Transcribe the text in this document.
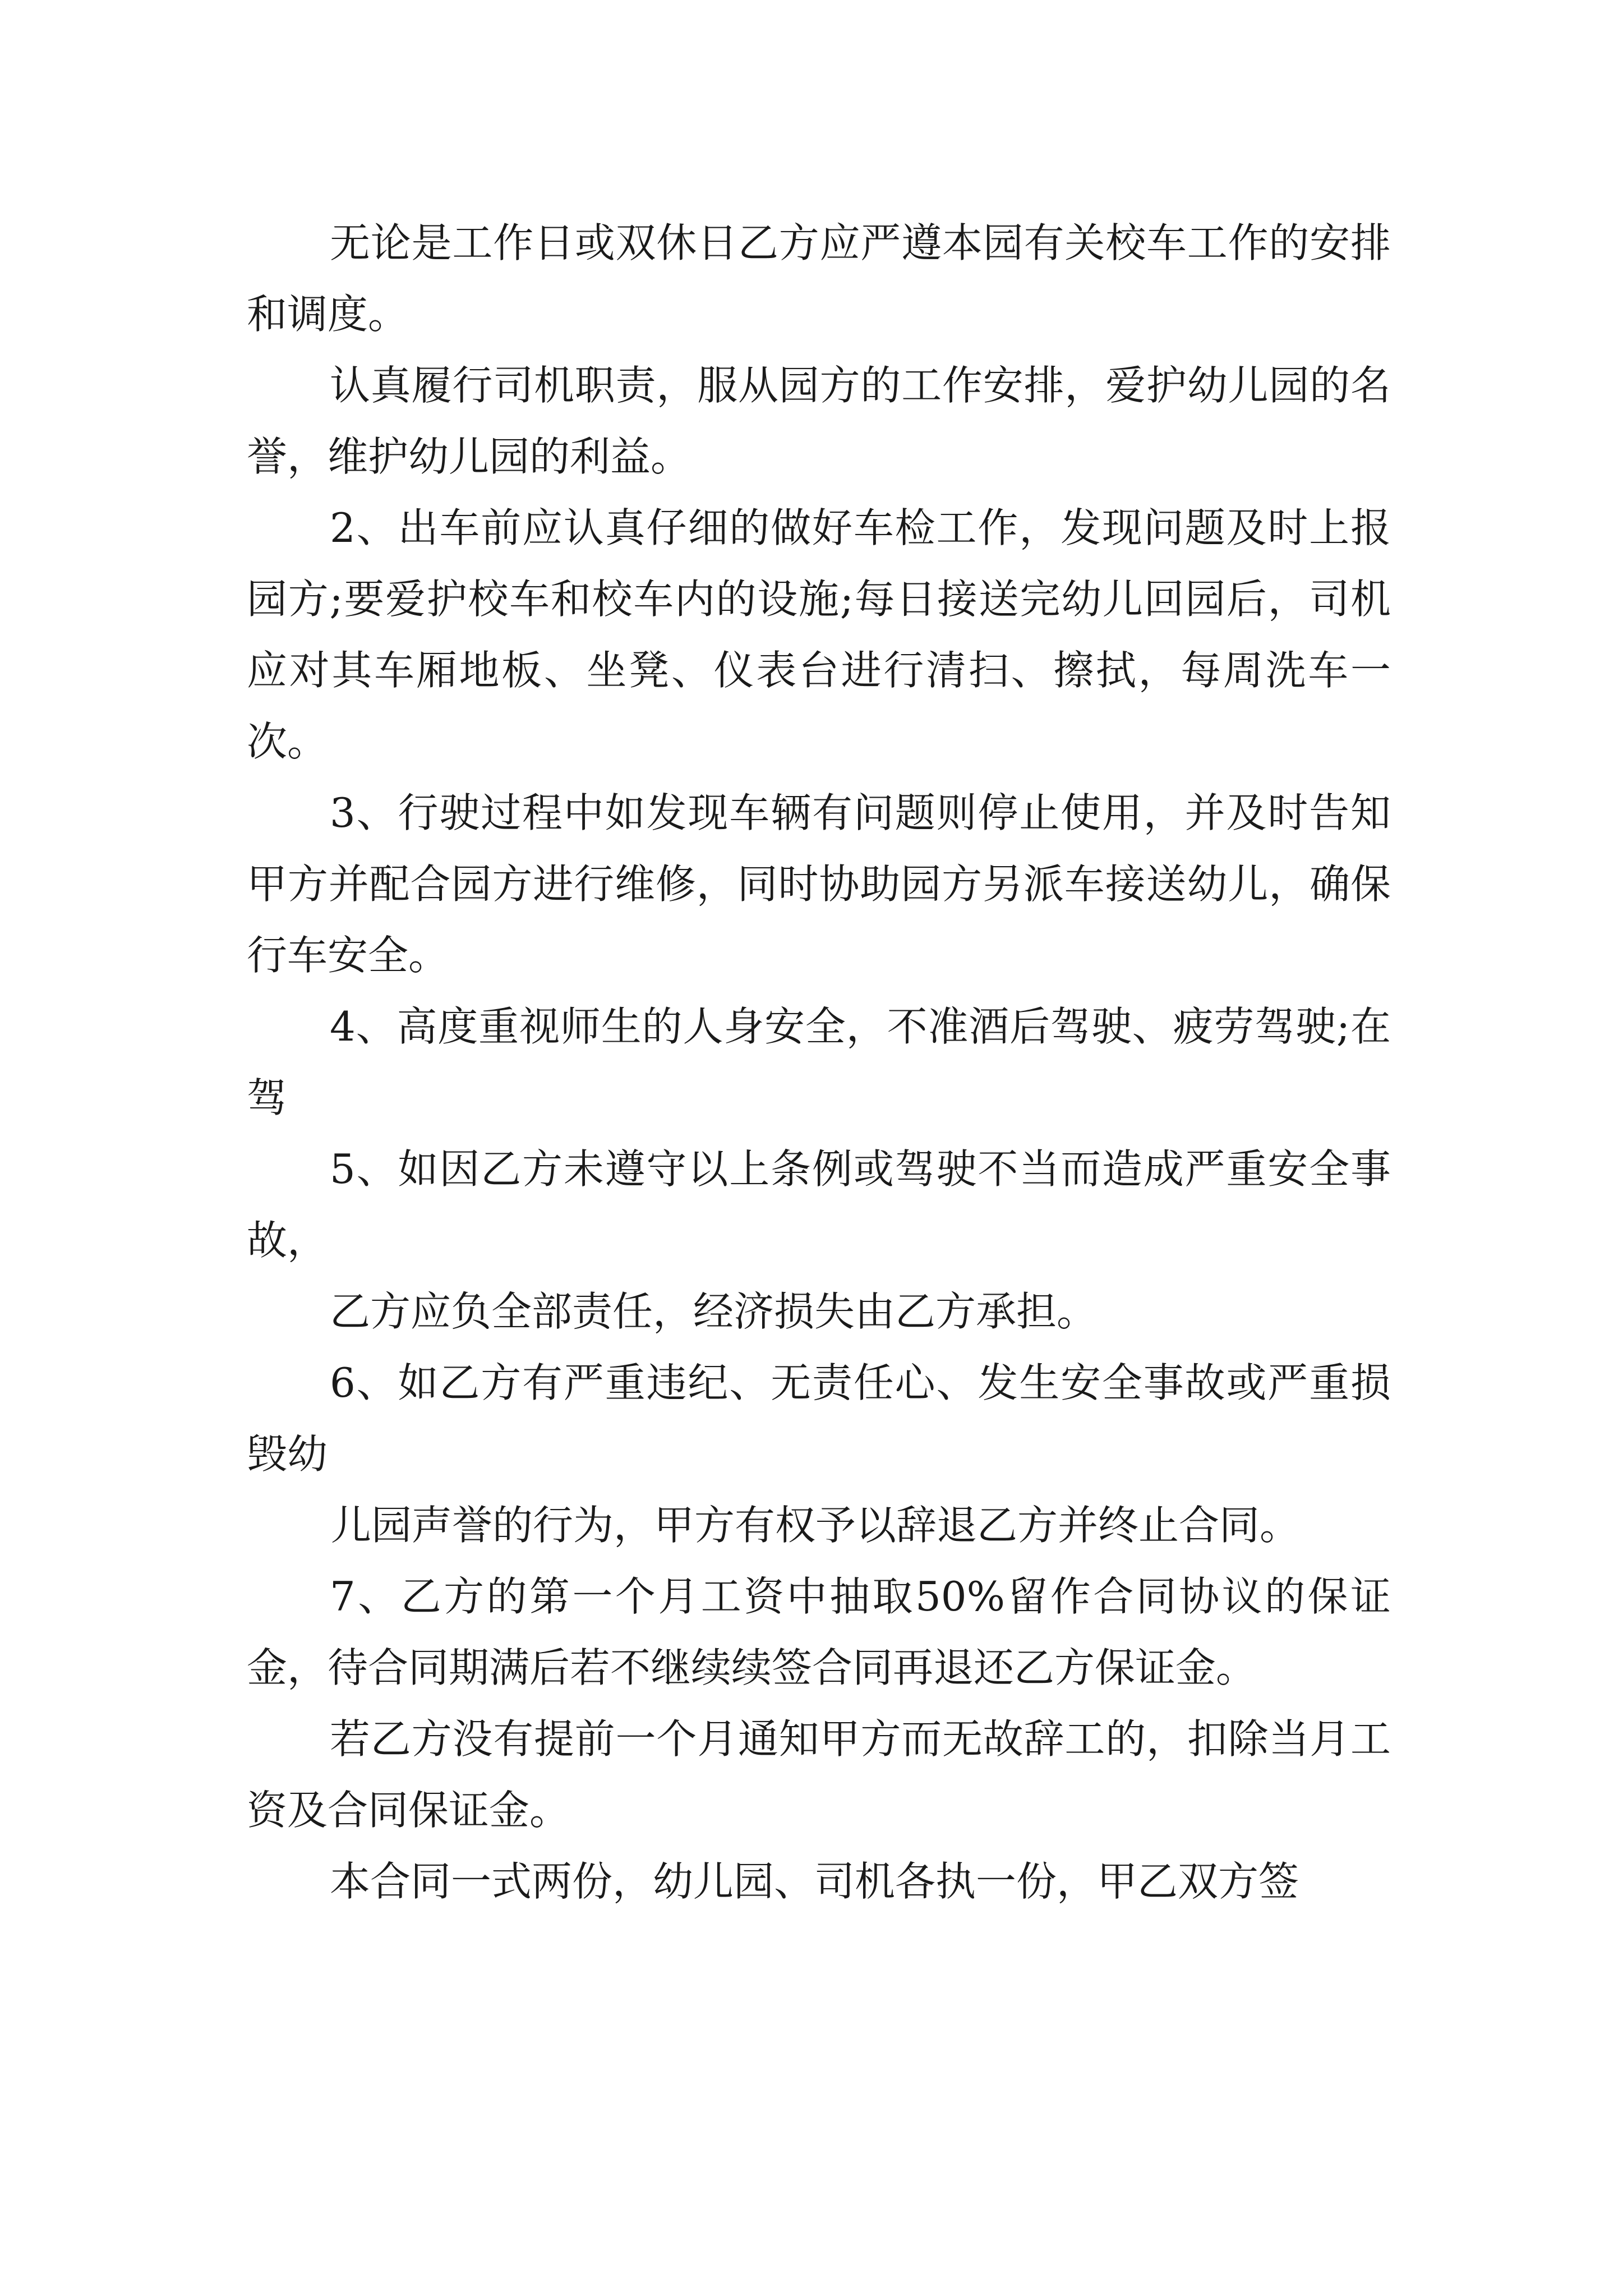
无论是工作日或双休日乙方应严遵本园有关校车工作的安排和调度。

认真履行司机职责，服从园方的工作安排，爱护幼儿园的名誉，维护幼儿园的利益。

2、出车前应认真仔细的做好车检工作，发现问题及时上报园方;要爱护校车和校车内的设施;每日接送完幼儿回园后，司机应对其车厢地板、坐凳、仪表台进行清扫、擦拭，每周洗车一次。

3、行驶过程中如发现车辆有问题则停止使用，并及时告知甲方并配合园方进行维修，同时协助园方另派车接送幼儿，确保行车安全。

4、高度重视师生的人身安全，不准酒后驾驶、疲劳驾驶;在驾

5、如因乙方未遵守以上条例或驾驶不当而造成严重安全事故，

乙方应负全部责任，经济损失由乙方承担。

6、如乙方有严重违纪、无责任心、发生安全事故或严重损毁幼

儿园声誉的行为，甲方有权予以辞退乙方并终止合同。

7、乙方的第一个月工资中抽取50%留作合同协议的保证金，待合同期满后若不继续续签合同再退还乙方保证金。

若乙方没有提前一个月通知甲方而无故辞工的，扣除当月工资及合同保证金。

本合同一式两份，幼儿园、司机各执一份，甲乙双方签
